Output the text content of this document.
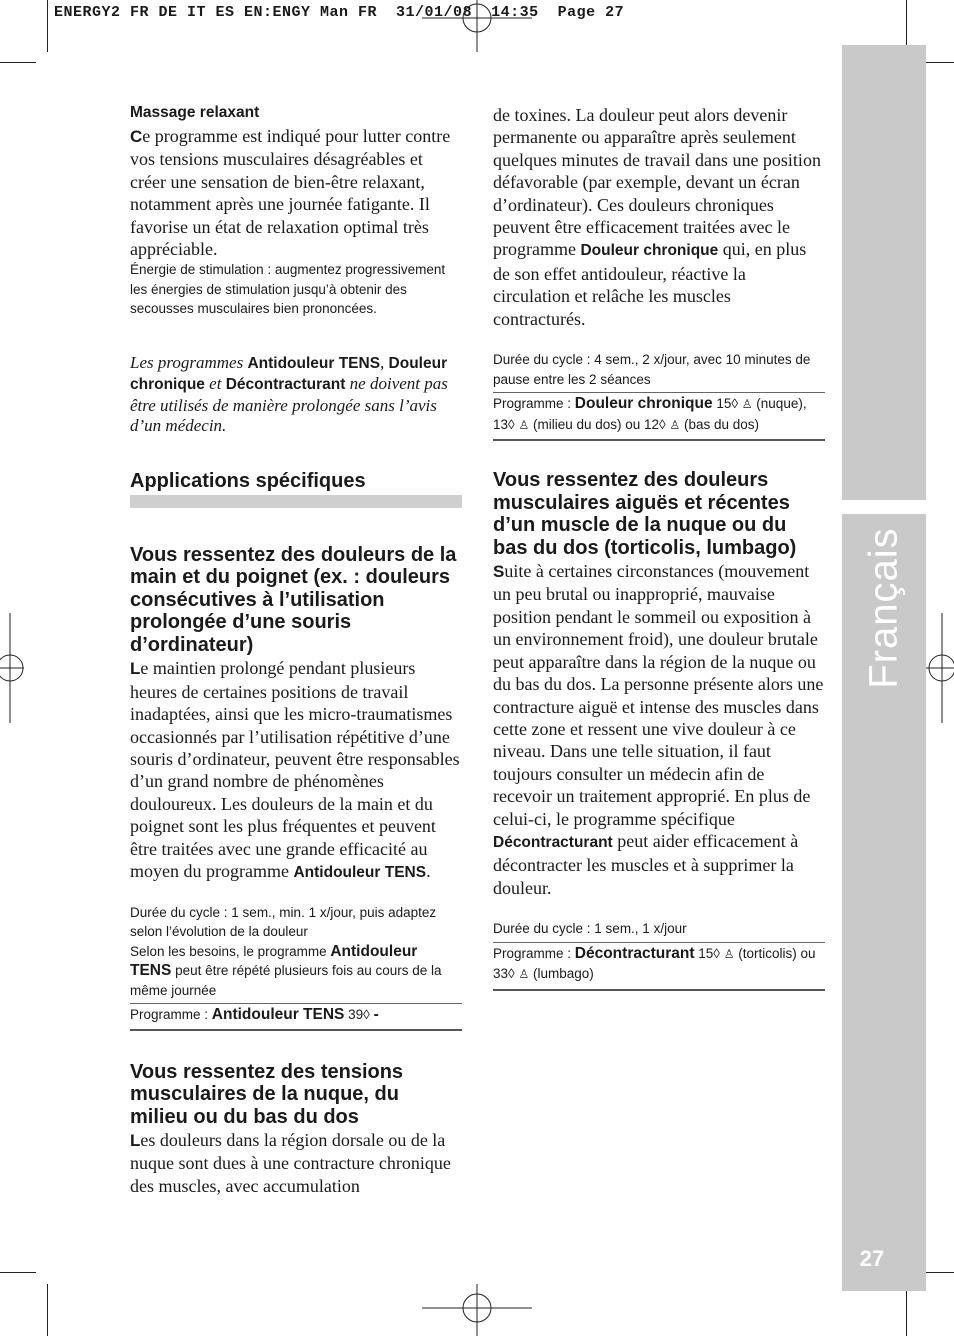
ENERGY2 FR DE IT ES EN:ENGY Man FR  31/01/08  14:35  Page 27
Français
27
Massage relaxant

Ce programme est indiqué pour lutter contre vos tensions musculaires désagréables et créer une sensation de bien-être relaxant, notamment après une journée fatigante. Il favorise un état de relaxation optimal très appréciable.

Énergie de stimulation : augmentez progressivement les énergies de stimulation jusqu’à obtenir des secousses musculaires bien prononcées.

Les programmes Antidouleur TENS, Douleur chronique et Décontracturant ne doivent pas être utilisés de manière prolongée sans l’avis d’un médecin.

Applications spécifiques
Vous ressentez des douleurs de la main et du poignet (ex. : douleurs consécutives à l’utilisation prolongée d’une souris d’ordinateur)

Le maintien prolongé pendant plusieurs heures de certaines positions de travail inadaptées, ainsi que les micro-traumatismes occasionnés par l’utilisation répétitive d’une souris d’ordinateur, peuvent être responsables d’un grand nombre de phénomènes douloureux. Les douleurs de la main et du poignet sont les plus fréquentes et peuvent être traitées avec une grande efficacité au moyen du programme Antidouleur TENS.

Durée du cycle : 1 sem., min. 1 x/jour, puis adaptez selon l’évolution de la douleur

Selon les besoins, le programme Antidouleur TENS peut être répété plusieurs fois au cours de la même journée

Programme : Antidouleur TENS 39◊ -

Vous ressentez des tensions musculaires de la nuque, du milieu ou du bas du dos

Les douleurs dans la région dorsale ou de la nuque sont dues à une contracture chronique des muscles, avec accumulation

de toxines. La douleur peut alors devenir permanente ou apparaître après seulement quelques minutes de travail dans une position défavorable (par exemple, devant un écran d’ordinateur). Ces douleurs chroniques peuvent être efficacement traitées avec le programme Douleur chronique qui, en plus de son effet antidouleur, réactive la circulation et relâche les muscles contracturés.

Durée du cycle : 4 sem., 2 x/jour, avec 10 minutes de pause entre les 2 séances

Programme : Douleur chronique 15◊ ♙ (nuque), 13◊ ♙ (milieu du dos) ou 12◊ ♙ (bas du dos)

Vous ressentez des douleurs musculaires aiguës et récentes d’un muscle de la nuque ou du bas du dos (torticolis, lumbago)

Suite à certaines circonstances (mouvement un peu brutal ou inapproprié, mauvaise position pendant le sommeil ou exposition à un environnement froid), une douleur brutale peut apparaître dans la région de la nuque ou du bas du dos. La personne présente alors une contracture aiguë et intense des muscles dans cette zone et ressent une vive douleur à ce niveau. Dans une telle situation, il faut toujours consulter un médecin afin de recevoir un traitement approprié. En plus de celui-ci, le programme spécifique Décontracturant peut aider efficacement à décontracter les muscles et à supprimer la douleur.

Durée du cycle : 1 sem., 1 x/jour

Programme : Décontracturant 15◊ ♙ (torticolis) ou 33◊ ♙ (lumbago)
